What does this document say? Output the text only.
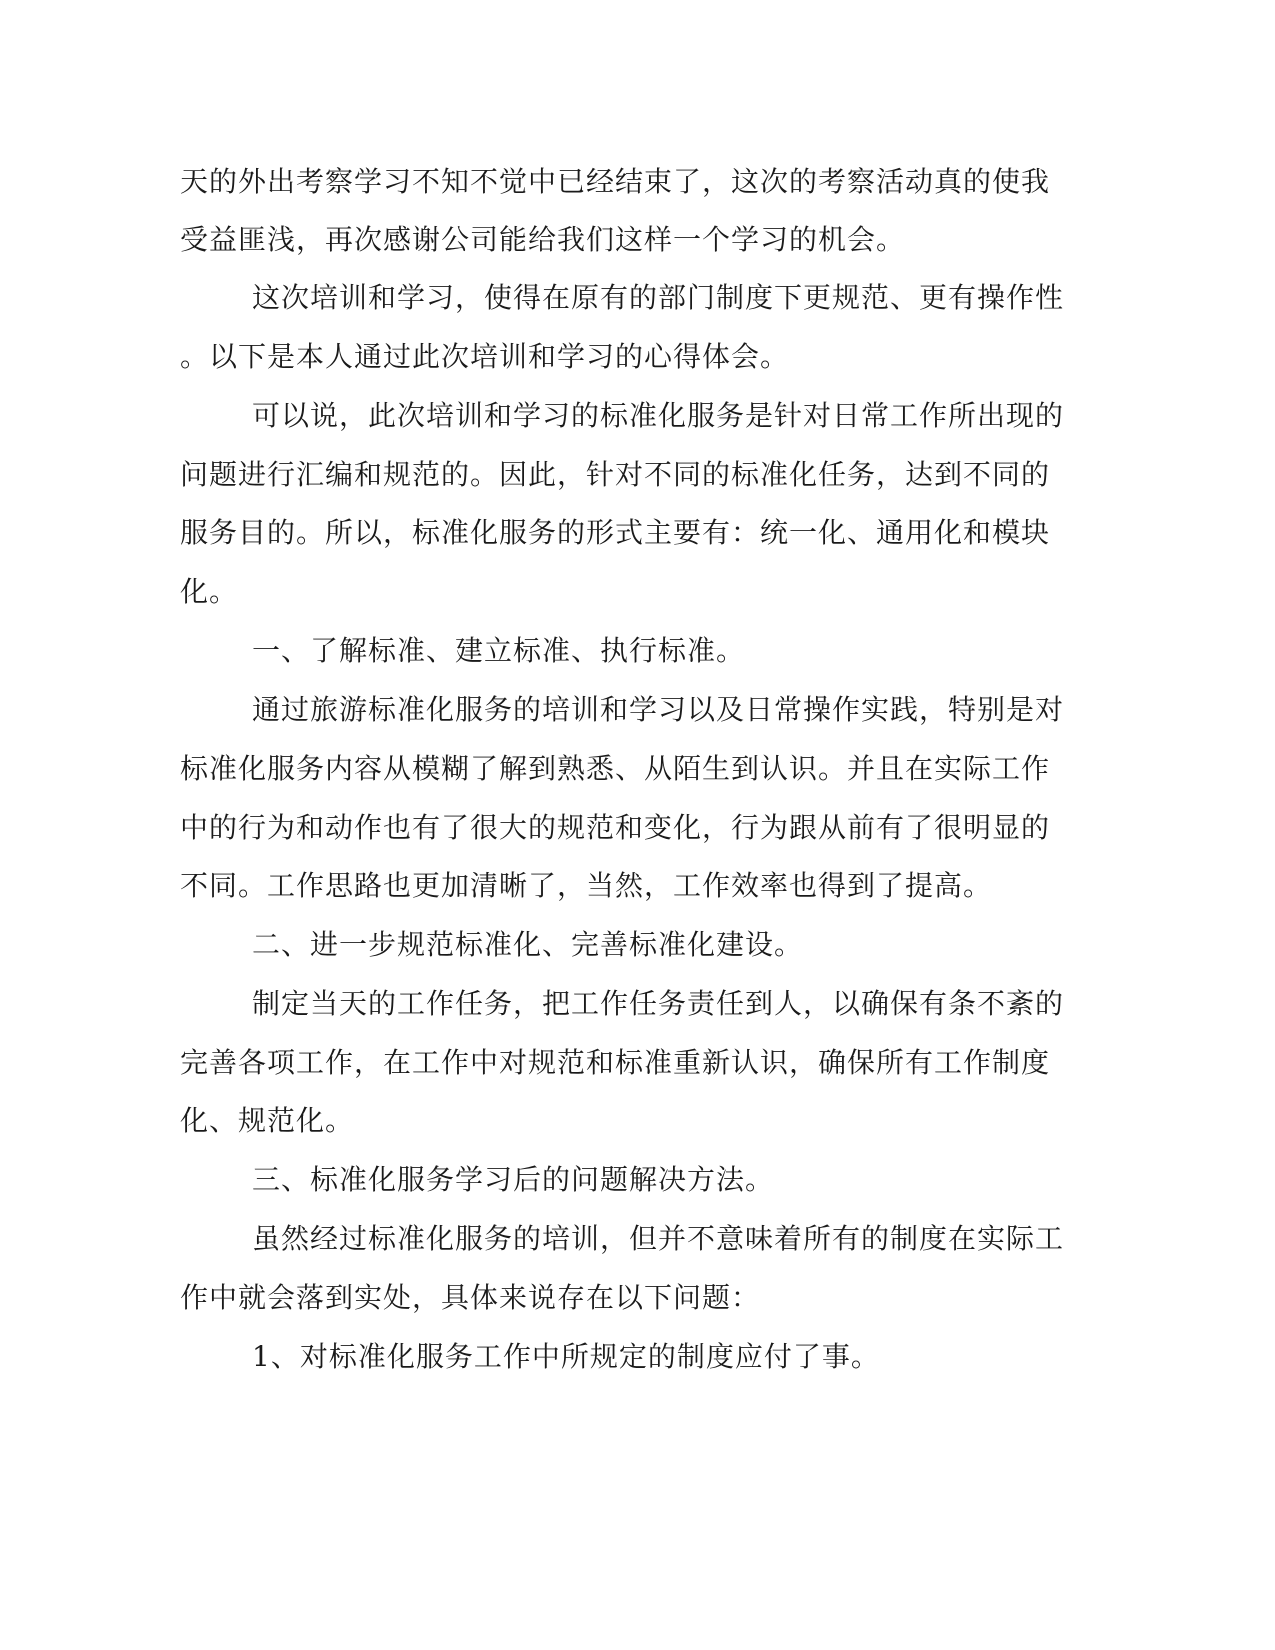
天的外出考察学习不知不觉中已经结束了，这次的考察活动真的使我
受益匪浅，再次感谢公司能给我们这样一个学习的机会。
这次培训和学习，使得在原有的部门制度下更规范、更有操作性
。以下是本人通过此次培训和学习的心得体会。
可以说，此次培训和学习的标准化服务是针对日常工作所出现的
问题进行汇编和规范的。因此，针对不同的标准化任务，达到不同的
服务目的。所以，标准化服务的形式主要有：统一化、通用化和模块
化。
一、了解标准、建立标准、执行标准。
通过旅游标准化服务的培训和学习以及日常操作实践，特别是对
标准化服务内容从模糊了解到熟悉、从陌生到认识。并且在实际工作
中的行为和动作也有了很大的规范和变化，行为跟从前有了很明显的
不同。工作思路也更加清晰了，当然，工作效率也得到了提高。
二、进一步规范标准化、完善标准化建设。
制定当天的工作任务，把工作任务责任到人，以确保有条不紊的
完善各项工作，在工作中对规范和标准重新认识，确保所有工作制度
化、规范化。
三、标准化服务学习后的问题解决方法。
虽然经过标准化服务的培训，但并不意味着所有的制度在实际工
作中就会落到实处，具体来说存在以下问题：
1、对标准化服务工作中所规定的制度应付了事。
